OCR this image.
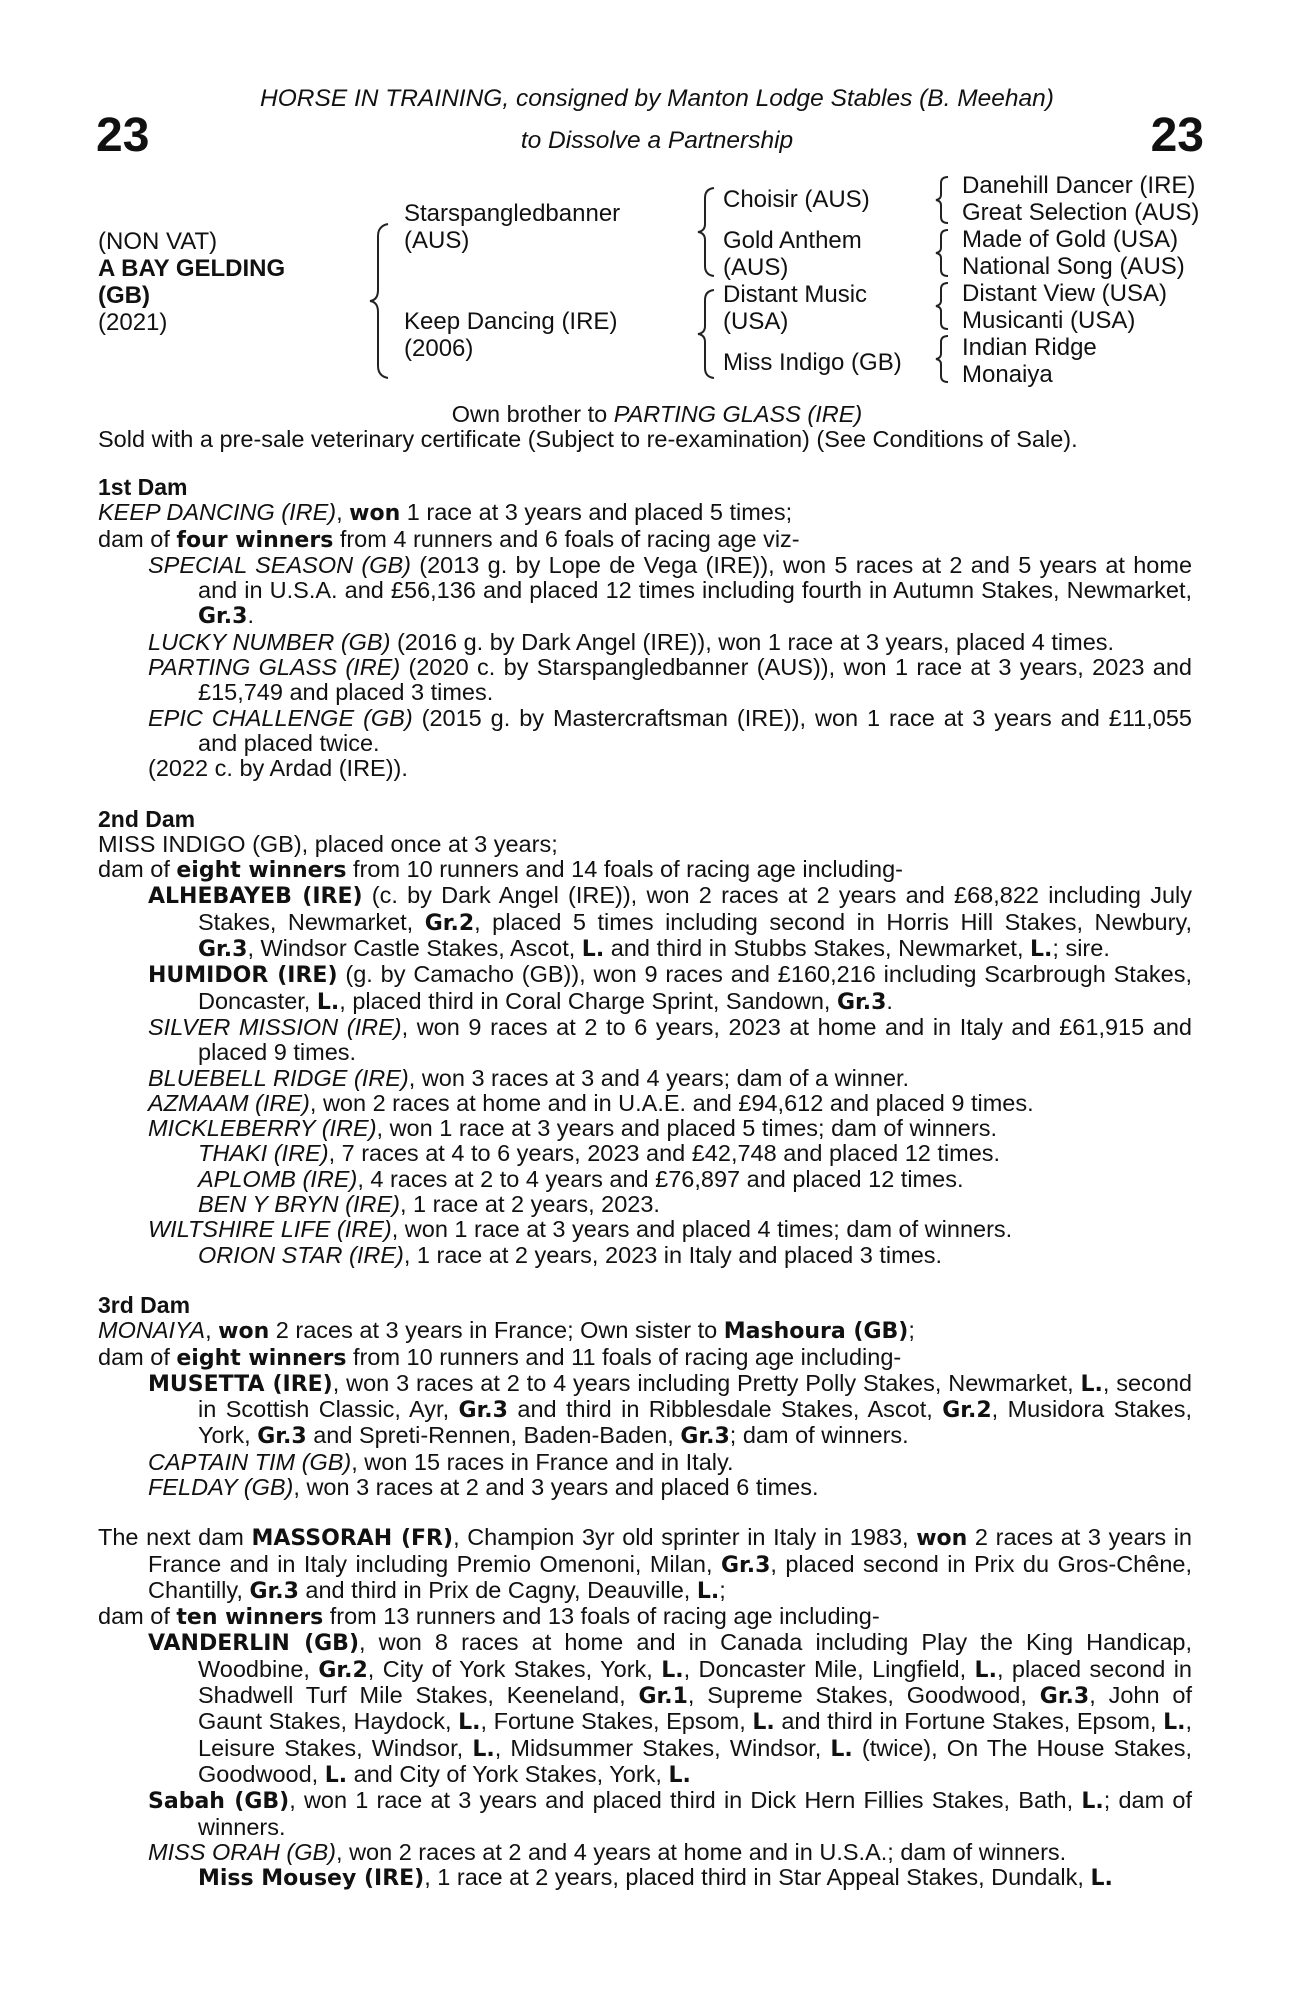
23	23
HORSE IN TRAINING, consigned by Manton Lodge Stables (B. Meehan)
to Dissolve a Partnership
(NON VAT)
A BAY GELDING
(GB)
(2021)
Starspangledbanner
(AUS)
Keep Dancing (IRE)
(2006)
Choisir (AUS)
Gold Anthem
(AUS)
Distant Music
(USA)
Miss Indigo (GB)
Danehill Dancer (IRE)
Great Selection (AUS)
Made of Gold (USA)
National Song (AUS)
Distant View (USA)
Musicanti (USA)
Indian Ridge
Monaiya
Own brother to PARTING GLASS (IRE)
Sold with a pre-sale veterinary certificate (Subject to re-examination) (See Conditions of Sale).

1st Dam

KEEP DANCING (IRE), won 1 race at 3 years and placed 5 times;

dam of four winners from 4 runners and 6 foals of racing age viz-

SPECIAL SEASON (GB) (2013 g. by Lope de Vega (IRE)), won 5 races at 2 and 5 years at home and in U.S.A. and £56,136 and placed 12 times including fourth in Autumn Stakes, Newmarket, Gr.3.

LUCKY NUMBER (GB) (2016 g. by Dark Angel (IRE)), won 1 race at 3 years, placed 4 times.

PARTING GLASS (IRE) (2020 c. by Starspangledbanner (AUS)), won 1 race at 3 years, 2023 and £15,749 and placed 3 times.

EPIC CHALLENGE (GB) (2015 g. by Mastercraftsman (IRE)), won 1 race at 3 years and £11,055 and placed twice.

(2022 c. by Ardad (IRE)).

2nd Dam

MISS INDIGO (GB), placed once at 3 years;

dam of eight winners from 10 runners and 14 foals of racing age including-

ALHEBAYEB (IRE) (c. by Dark Angel (IRE)), won 2 races at 2 years and £68,822 including July Stakes, Newmarket, Gr.2, placed 5 times including second in Horris Hill Stakes, Newbury, Gr.3, Windsor Castle Stakes, Ascot, L. and third in Stubbs Stakes, Newmarket, L.; sire.

HUMIDOR (IRE) (g. by Camacho (GB)), won 9 races and £160,216 including Scarbrough Stakes, Doncaster, L., placed third in Coral Charge Sprint, Sandown, Gr.3.

SILVER MISSION (IRE), won 9 races at 2 to 6 years, 2023 at home and in Italy and £61,915 and placed 9 times.

BLUEBELL RIDGE (IRE), won 3 races at 3 and 4 years; dam of a winner.

AZMAAM (IRE), won 2 races at home and in U.A.E. and £94,612 and placed 9 times.

MICKLEBERRY (IRE), won 1 race at 3 years and placed 5 times; dam of winners.

THAKI (IRE), 7 races at 4 to 6 years, 2023 and £42,748 and placed 12 times.

APLOMB (IRE), 4 races at 2 to 4 years and £76,897 and placed 12 times.

BEN Y BRYN (IRE), 1 race at 2 years, 2023.

WILTSHIRE LIFE (IRE), won 1 race at 3 years and placed 4 times; dam of winners.

ORION STAR (IRE), 1 race at 2 years, 2023 in Italy and placed 3 times.

3rd Dam

MONAIYA, won 2 races at 3 years in France; Own sister to Mashoura (GB);

dam of eight winners from 10 runners and 11 foals of racing age including-

MUSETTA (IRE), won 3 races at 2 to 4 years including Pretty Polly Stakes, Newmarket, L., second in Scottish Classic, Ayr, Gr.3 and third in Ribblesdale Stakes, Ascot, Gr.2, Musidora Stakes, York, Gr.3 and Spreti-Rennen, Baden-Baden, Gr.3; dam of winners.

CAPTAIN TIM (GB), won 15 races in France and in Italy.

FELDAY (GB), won 3 races at 2 and 3 years and placed 6 times.

The next dam MASSORAH (FR), Champion 3yr old sprinter in Italy in 1983, won 2 races at 3 years in France and in Italy including Premio Omenoni, Milan, Gr.3, placed second in Prix du Gros-Chêne, Chantilly, Gr.3 and third in Prix de Cagny, Deauville, L.;

dam of ten winners from 13 runners and 13 foals of racing age including-

VANDERLIN (GB), won 8 races at home and in Canada including Play the King Handicap, Woodbine, Gr.2, City of York Stakes, York, L., Doncaster Mile, Lingfield, L., placed second in Shadwell Turf Mile Stakes, Keeneland, Gr.1, Supreme Stakes, Goodwood, Gr.3, John of Gaunt Stakes, Haydock, L., Fortune Stakes, Epsom, L. and third in Fortune Stakes, Epsom, L., Leisure Stakes, Windsor, L., Midsummer Stakes, Windsor, L. (twice), On The House Stakes, Goodwood, L. and City of York Stakes, York, L.

Sabah (GB), won 1 race at 3 years and placed third in Dick Hern Fillies Stakes, Bath, L.; dam of winners.

MISS ORAH (GB), won 2 races at 2 and 4 years at home and in U.S.A.; dam of winners.

Miss Mousey (IRE), 1 race at 2 years, placed third in Star Appeal Stakes, Dundalk, L.
